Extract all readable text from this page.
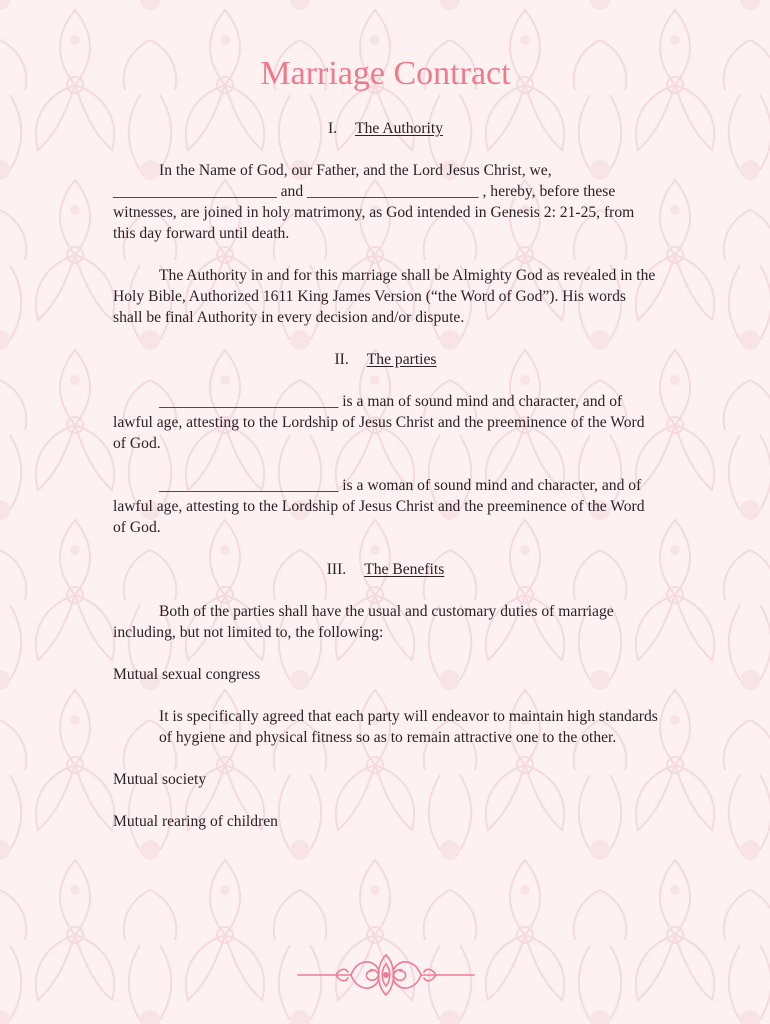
Marriage Contract
I. The Authority

In the Name of God, our Father, and the Lord Jesus Christ, we, _____________________ and ______________________ , hereby, before these witnesses, are joined in holy matrimony, as God intended in Genesis 2: 21-25, from this day forward until death.

The Authority in and for this marriage shall be Almighty God as revealed in the Holy Bible, Authorized 1611 King James Version (“the Word of God”). His words shall be final Authority in every decision and/or dispute.

II. The parties

_______________________ is a man of sound mind and character, and of lawful age, attesting to the Lordship of Jesus Christ and the preeminence of the Word of God.

_______________________ is a woman of sound mind and character, and of lawful age, attesting to the Lordship of Jesus Christ and the preeminence of the Word of God.

III. The Benefits

Both of the parties shall have the usual and customary duties of marriage including, but not limited to, the following:

Mutual sexual congress

It is specifically agreed that each party will endeavor to maintain high standards of hygiene and physical fitness so as to remain attractive one to the other.

Mutual society

Mutual rearing of children
